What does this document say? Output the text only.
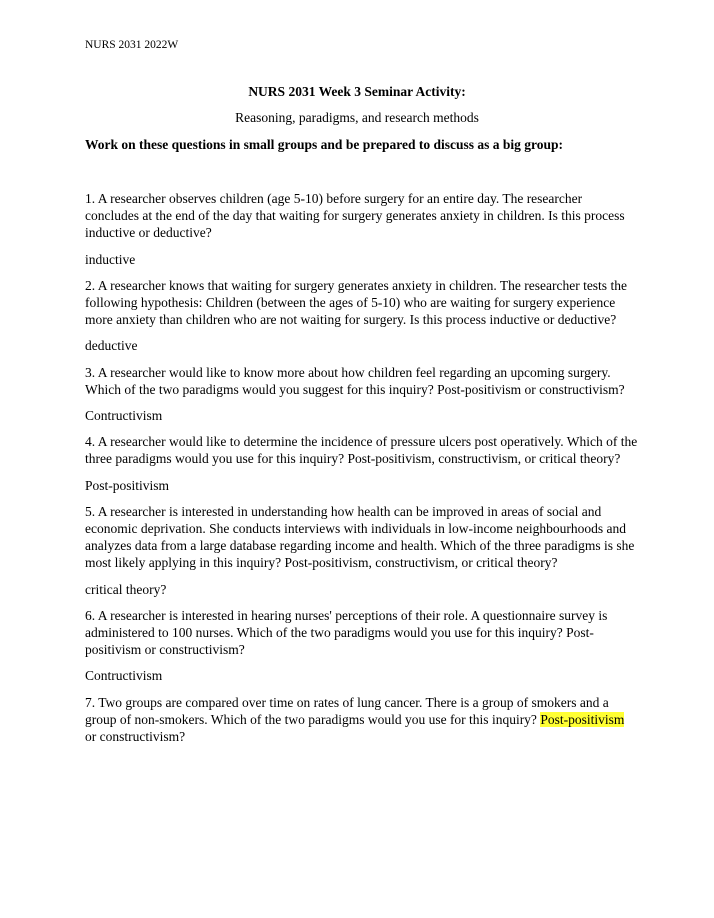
NURS 2031 2022W
NURS 2031 Week 3 Seminar Activity:
Reasoning, paradigms, and research methods
Work on these questions in small groups and be prepared to discuss as a big group:

1. A researcher observes children (age 5-10) before surgery for an entire day. The researcher concludes at the end of the day that waiting for surgery generates anxiety in children. Is this process inductive or deductive?

inductive

2. A researcher knows that waiting for surgery generates anxiety in children. The researcher tests the following hypothesis: Children (between the ages of 5-10) who are waiting for surgery experience more anxiety than children who are not waiting for surgery. Is this process inductive or deductive?

deductive

3. A researcher would like to know more about how children feel regarding an upcoming surgery. Which of the two paradigms would you suggest for this inquiry? Post-positivism or constructivism?

Contructivism

4. A researcher would like to determine the incidence of pressure ulcers post operatively. Which of the three paradigms would you use for this inquiry? Post-positivism, constructivism, or critical theory?

Post-positivism

5. A researcher is interested in understanding how health can be improved in areas of social and economic deprivation. She conducts interviews with individuals in low-income neighbourhoods and analyzes data from a large database regarding income and health. Which of the three paradigms is she most likely applying in this inquiry? Post-positivism, constructivism, or critical theory?

critical theory?

6. A researcher is interested in hearing nurses' perceptions of their role. A questionnaire survey is administered to 100 nurses. Which of the two paradigms would you use for this inquiry? Post-positivism or constructivism?

Contructivism

7. Two groups are compared over time on rates of lung cancer. There is a group of smokers and a group of non-smokers. Which of the two paradigms would you use for this inquiry? Post-positivism or constructivism?
